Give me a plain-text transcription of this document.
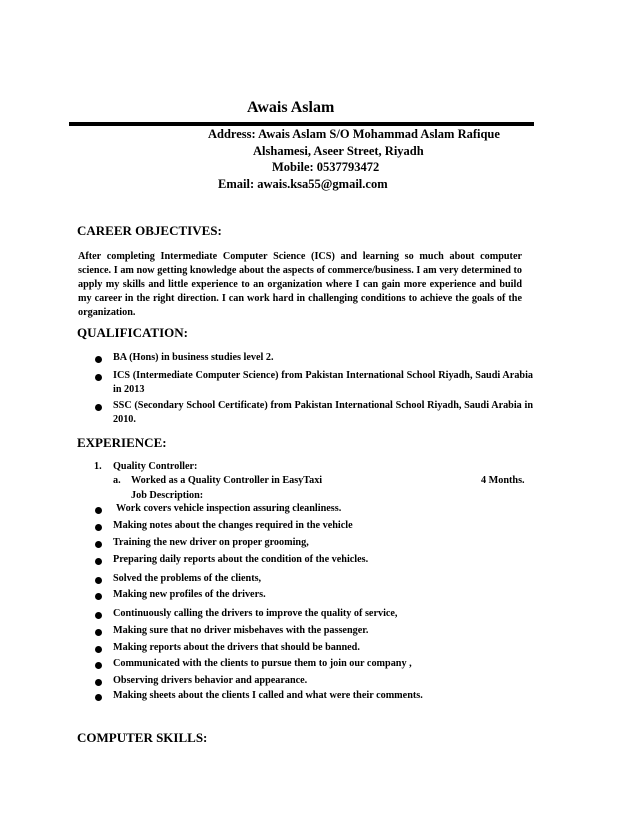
Awais Aslam
Address: Awais Aslam S/O Mohammad Aslam Rafique
Alshamesi, Aseer Street, Riyadh
Mobile: 0537793472
Email: awais.ksa55@gmail.com
CAREER OBJECTIVES:
After completing Intermediate Computer Science (ICS) and learning so much about computer science. I am now getting knowledge about the aspects of commerce/business. I am very determined to apply my skills and little experience to an organization where I can gain more experience and build my career in the right direction. I can work hard in challenging conditions to achieve the goals of the organization.
QUALIFICATION:
BA (Hons) in business studies level 2.
ICS (Intermediate Computer Science) from Pakistan International School Riyadh, Saudi Arabia in 2013
SSC (Secondary School Certificate) from Pakistan International School Riyadh, Saudi Arabia in 2010.
EXPERIENCE:
1. Quality Controller:
a. Worked as a Quality Controller in EasyTaxi	4 Months.
Job Description:
Work covers vehicle inspection assuring cleanliness.
Making notes about the changes required in the vehicle
Training the new driver on proper grooming,
Preparing daily reports about the condition of the vehicles.
Solved the problems of the clients,
Making new profiles of the drivers.
Continuously calling the drivers to improve the quality of service,
Making sure that no driver misbehaves with the passenger.
Making reports about the drivers that should be banned.
Communicated with the clients to pursue them to join our company ,
Observing drivers behavior and appearance.
Making sheets about the clients I called and what were their comments.
COMPUTER SKILLS:
